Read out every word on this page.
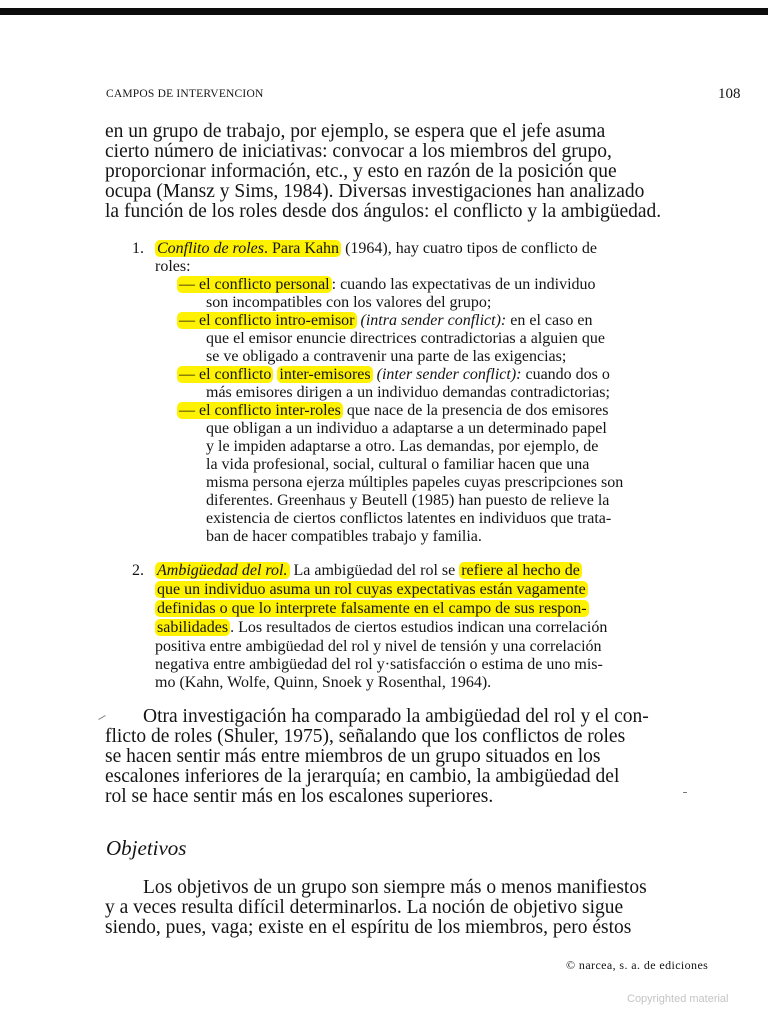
CAMPOS DE INTERVENCION	108
en un grupo de trabajo, por ejemplo, se espera que el jefe asuma
cierto número de iniciativas: convocar a los miembros del grupo,
proporcionar información, etc., y esto en razón de la posición que
ocupa (Mansz y Sims, 1984). Diversas investigaciones han analizado
la función de los roles desde dos ángulos: el conflicto y la ambigüedad.
1. Conflito de roles. Para Kahn (1964), hay cuatro tipos de conflicto de
roles:
— el conflicto personal : cuando las expectativas de un individuo
son incompatibles con los valores del grupo;
— el conflicto intro-emisor (intra sender conflict): en el caso en
que el emisor enuncie directrices contradictorias a alguien que
se ve obligado a contravenir una parte de las exigencias;
— el conflicto inter-emisores (inter sender conflict): cuando dos o
más emisores dirigen a un individuo demandas contradictorias;
— el conflicto inter-roles que nace de la presencia de dos emisores
que obligan a un individuo a adaptarse a un determinado papel
y le impiden adaptarse a otro. Las demandas, por ejemplo, de
la vida profesional, social, cultural o familiar hacen que una
misma persona ejerza múltiples papeles cuyas prescripciones son
diferentes. Greenhaus y Beutell (1985) han puesto de relieve la
existencia de ciertos conflictos latentes en individuos que trata-
ban de hacer compatibles trabajo y familia.
2. Ambigüedad del rol. La ambigüedad del rol se refiere al hecho de
que un individuo asuma un rol cuyas expectativas están vagamente
definidas o que lo interprete falsamente en el campo de sus respon-
sabilidades . Los resultados de ciertos estudios indican una correlación
positiva entre ambigüedad del rol y nivel de tensión y una correlación
negativa entre ambigüedad del rol y·satisfacción o estima de uno mis-
mo (Kahn, Wolfe, Quinn, Snoek y Rosenthal, 1964).
Otra investigación ha comparado la ambigüedad del rol y el con-
flicto de roles (Shuler, 1975), señalando que los conflictos de roles
se hacen sentir más entre miembros de un grupo situados en los
escalones inferiores de la jerarquía; en cambio, la ambigüedad del
rol se hace sentir más en los escalones superiores.
Objetivos
Los objetivos de un grupo son siempre más o menos manifiestos
y a veces resulta difícil determinarlos. La noción de objetivo sigue
siendo, pues, vaga; existe en el espíritu de los miembros, pero éstos
© narcea, s. a. de ediciones
Copyrighted material
